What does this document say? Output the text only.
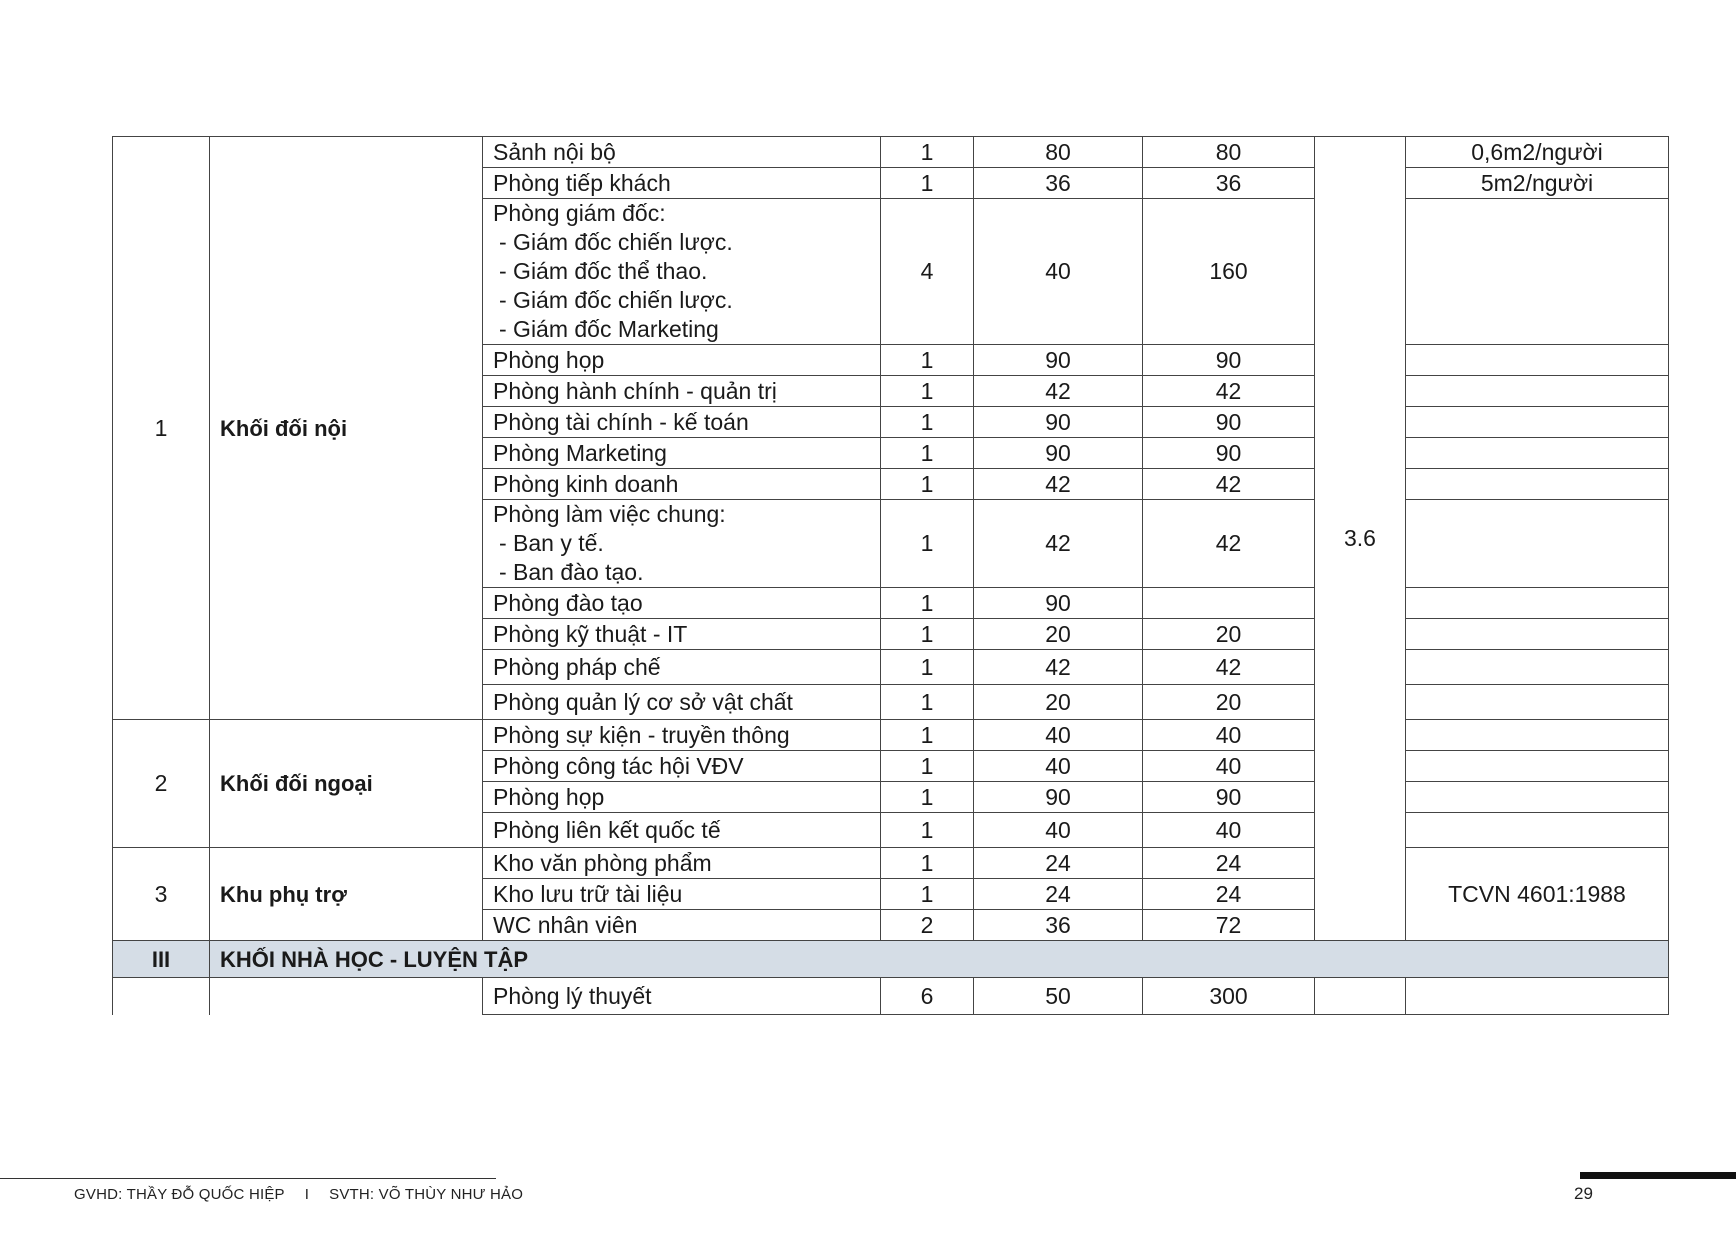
1	Khối đối nội	Sảnh nội bộ	1	80	80	3.6	0,6m2/người
		Phòng tiếp khách	1	36	36		5m2/người
		Phòng giám đốc:
- Giám đốc chiến lược.
- Giám đốc thể thao.
- Giám đốc chiến lược.
- Giám đốc Marketing	4	40	160		
		Phòng họp	1	90	90		
		Phòng hành chính - quản trị	1	42	42		
		Phòng tài chính - kế toán	1	90	90		
		Phòng Marketing	1	90	90		
		Phòng kinh doanh	1	42	42		
		Phòng làm việc chung:
- Ban y tế.
- Ban đào tạo.	1	42	42		
		Phòng đào tạo	1	90			
		Phòng kỹ thuật - IT	1	20	20		
		Phòng pháp chế	1	42	42		
		Phòng quản lý cơ sở vật chất	1	20	20		
2	Khối đối ngoại	Phòng sự kiện - truyền thông	1	40	40		
		Phòng công tác hội VĐV	1	40	40		
		Phòng họp	1	90	90		
		Phòng liên kết quốc tế	1	40	40		
3	Khu phụ trợ	Kho văn phòng phẩm	1	24	24		TCVN 4601:1988
		Kho lưu trữ tài liệu	1	24	24		
		WC nhân viên	2	36	72		
III	KHỐI NHÀ HỌC - LUYỆN TẬP						
		Phòng lý thuyết	6	50	300		
GVHD: THẦY ĐỖ QUỐC HIỆP I SVTH: VÕ THÙY NHƯ HẢO	29
